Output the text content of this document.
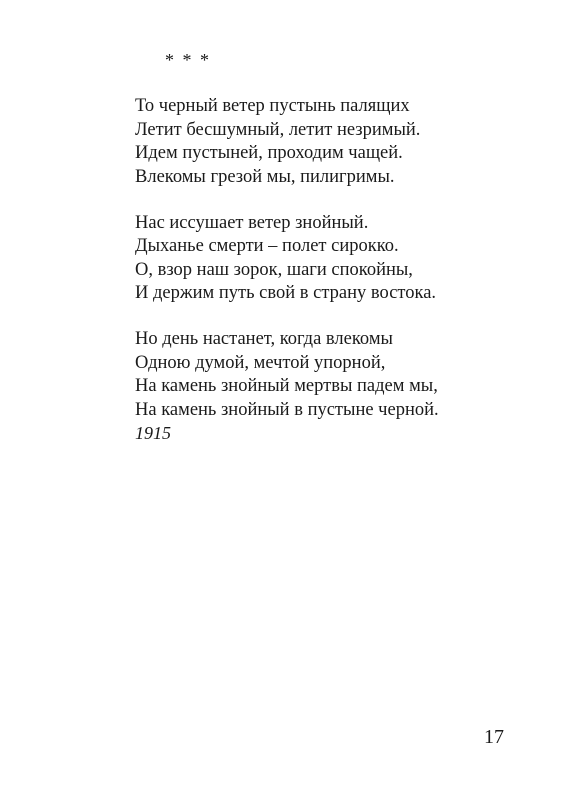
* * *
То черный ветер пустынь палящих
Летит бесшумный, летит незримый.
Идем пустыней, проходим чащей.
Влекомы грезой мы, пилигримы.
Нас иссушает ветер знойный.
Дыханье смерти – полет сирокко.
О, взор наш зорок, шаги спокойны,
И держим путь свой в страну востока.
Но день настанет, когда влекомы
Одною думой, мечтой упорной,
На камень знойный мертвы падем мы,
На камень знойный в пустыне черной.
1915
17
